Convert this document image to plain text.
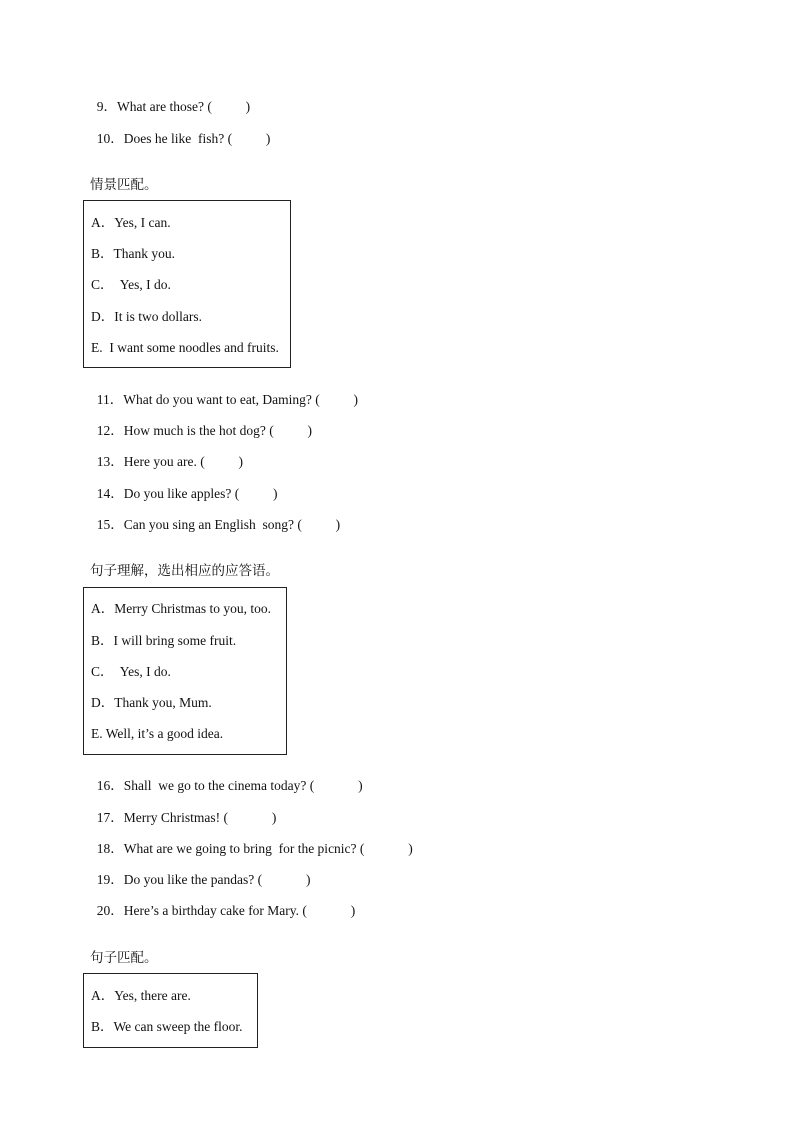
9．What are those? (          )

10．Does he like  fish? (          )

情景匹配。
A．Yes, I can.
B．Thank you.
C．  Yes, I do.
D．It is two dollars.
E.  I want some noodles and fruits.

11．What do you want to eat, Daming? (          )

12．How much is the hot dog? (          )

13．Here you are. (          )

14．Do you like apples? (          )

15．Can you sing an English  song? (          )

句子理解，选出相应的应答语。
A．Merry Christmas to you, too.
B．I will bring some fruit.
C．  Yes, I do.
D．Thank you, Mum.
E. Well, it’s a good idea.

16．Shall  we go to the cinema today? (             )

17．Merry Christmas! (             )

18．What are we going to bring  for the picnic? (             )

19．Do you like the pandas? (             )

20．Here’s a birthday cake for Mary. (             )

句子匹配。
A．Yes, there are.
B．We can sweep the floor.
